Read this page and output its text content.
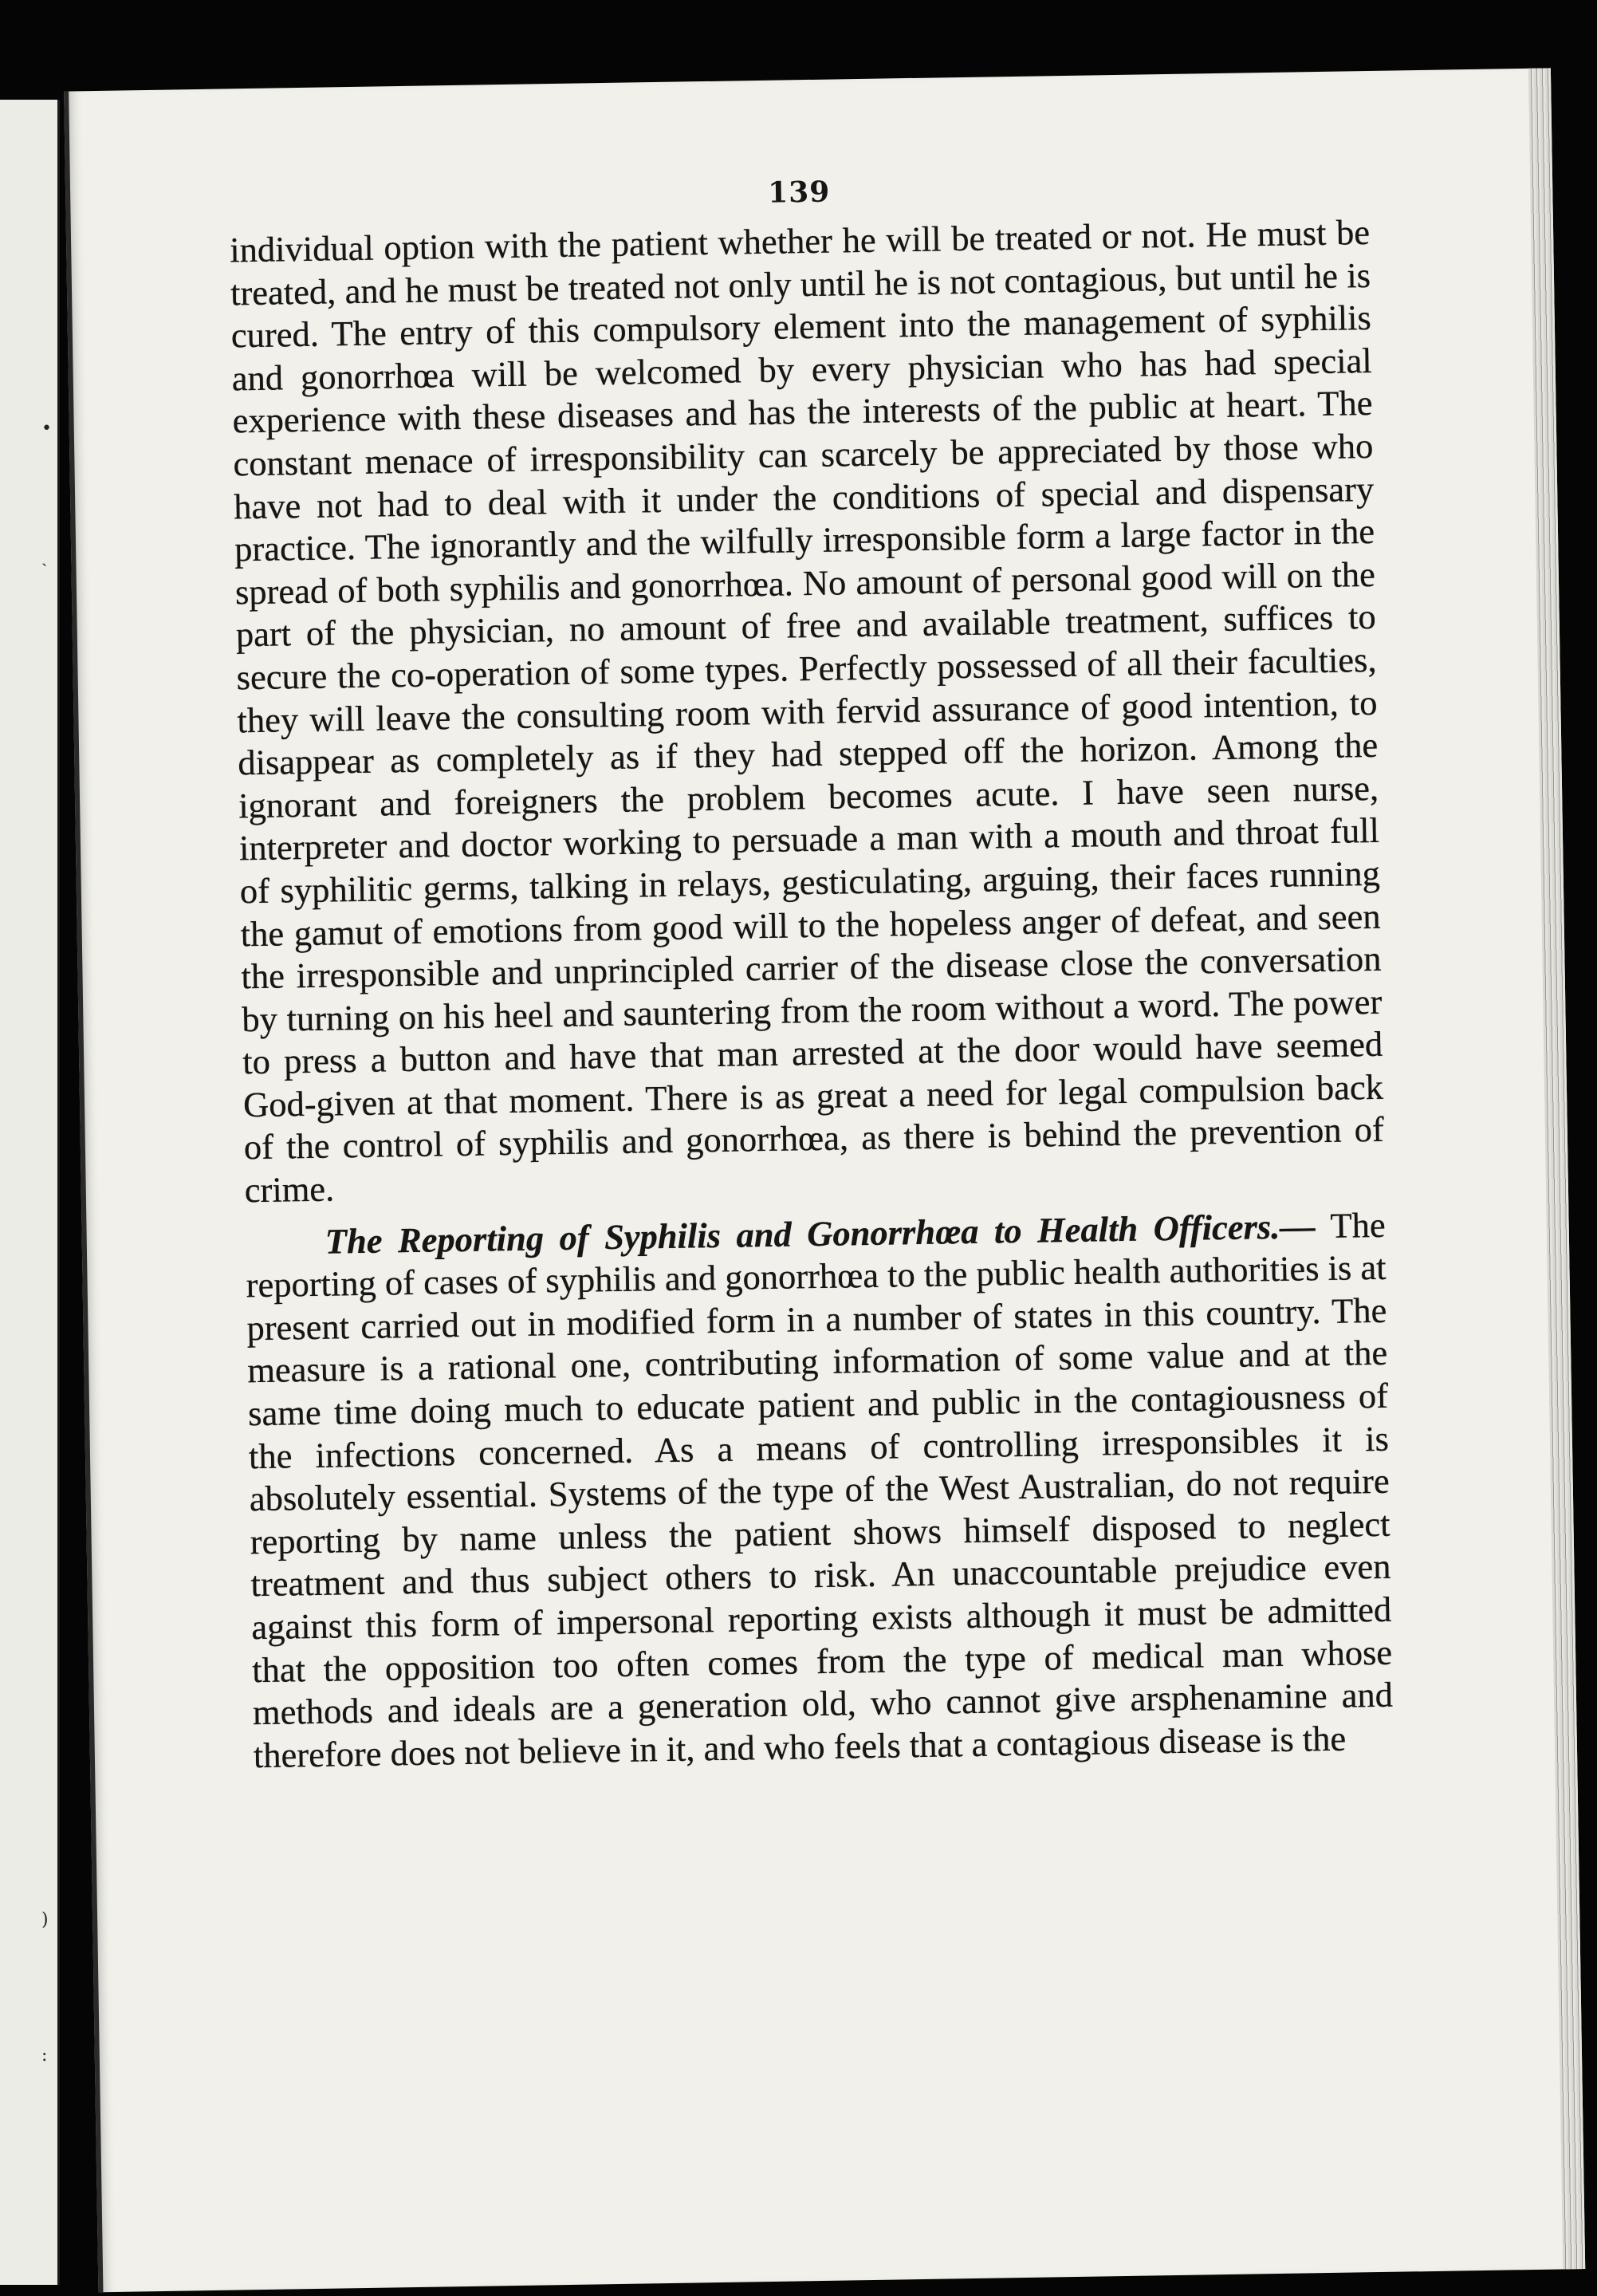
•
ˏ
)
:
139

individual option with the patient whether he will be treated or not. He must be treated, and he must be treated not only until he is not contagious, but until he is cured. The entry of this compulsory element into the management of syphilis and gonorrhœa will be welcomed by every physician who has had special experience with these diseases and has the interests of the public at heart. The constant menace of irresponsibility can scarcely be appreciated by those who have not had to deal with it under the conditions of special and dispensary practice. The ignorantly and the wilfully irresponsible form a large factor in the spread of both syphilis and gonorrhœa. No amount of personal good will on the part of the physician, no amount of free and available treatment, suffices to secure the co-operation of some types. Perfectly possessed of all their faculties, they will leave the consulting room with fervid assurance of good intention, to disappear as completely as if they had stepped off the horizon. Among the ignorant and foreigners the problem becomes acute. I have seen nurse, interpreter and doctor working to persuade a man with a mouth and throat full of syphilitic germs, talking in relays, gesticulating, arguing, their faces running the gamut of emotions from good will to the hopeless anger of defeat, and seen the irresponsible and unprincipled carrier of the disease close the conversation by turning on his heel and sauntering from the room without a word. The power to press a button and have that man arrested at the door would have seemed God-given at that moment. There is as great a need for legal compulsion back of the control of syphilis and gonorrhœa, as there is behind the prevention of crime.

The Reporting of Syphilis and Gonorrhœa to Health Officers.— The reporting of cases of syphilis and gonorrhœa to the public health authorities is at present carried out in modified form in a number of states in this country. The measure is a rational one, contributing information of some value and at the same time doing much to educate patient and public in the contagiousness of the infections concerned. As a means of controlling irresponsibles it is absolutely essential. Systems of the type of the West Australian, do not require reporting by name unless the patient shows himself disposed to neglect treatment and thus subject others to risk. An unaccountable prejudice even against this form of impersonal reporting exists although it must be admitted that the opposition too often comes from the type of medical man whose methods and ideals are a generation old, who cannot give arsphenamine and therefore does not believe in it, and who feels that a contagious disease is the
